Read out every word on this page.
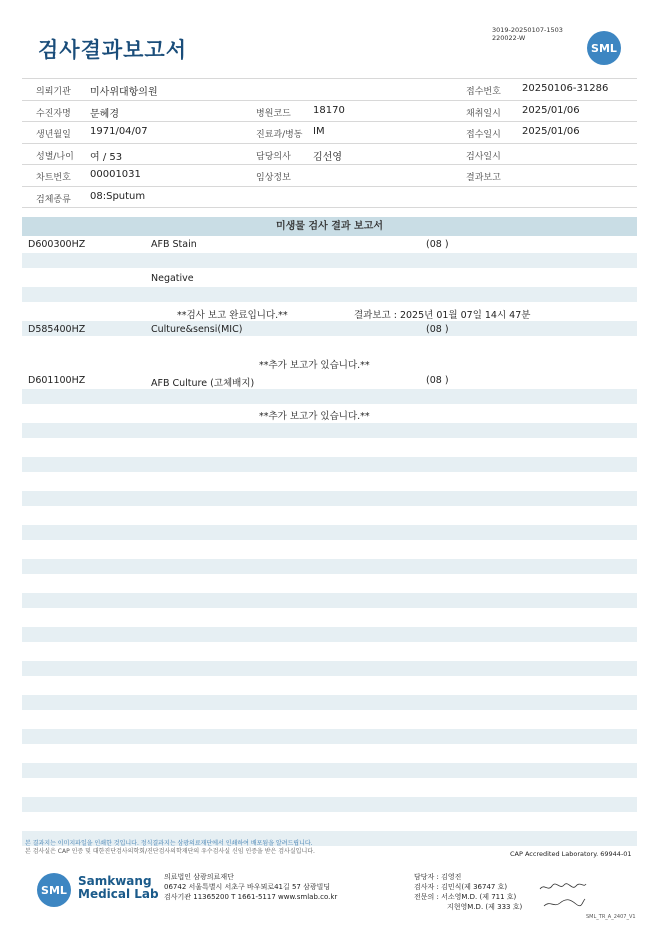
검사결과보고서
3019-20250107-1503
220022-W
SML
의뢰기관 미사위대항의원	접수번호 20250106-31286
수진자명 문혜경	병원코드 18170	채취일시 2025/01/06
생년월일 1971/04/07	진료과/병동 IM	접수일시 2025/01/06
성별/나이 여 / 53	담당의사 김선영	검사일시
차트번호 00001031	임상정보	결과보고
검체종류 08:Sputum
미생물 검사 결과 보고서
D600300HZ	AFB Stain	(08 )
Negative
**검사 보고 완료입니다.**	결과보고 : 2025년 01월 07일 14시 47분
D585400HZ	Culture&sensi(MIC)	(08 )
**추가 보고가 있습니다.**
D601100HZ	AFB Culture (고체배지)	(08 )
**추가 보고가 있습니다.**
본 결과지는 이미지파일을 인쇄한 것입니다. 정식결과지는 삼광의료재단에서 인쇄하여 배포됨을 알려드립니다.
본 검사실은 CAP 인증 및 대한진단검사의학회/진단검사의학재단의 우수검사실 신임 인증을 받은 검사실입니다.	CAP Accredited Laboratory. 69944-01
SML
Samkwang
Medical Lab
의료법인 삼광의료재단
06742 서울특별시 서초구 바우뫼로41길 57 삼광빌딩
검사기관 11365200 T 1661-5117 www.smlab.co.kr
담당자 : 김영진
검사자 : 김민식(제 36747 호)
전문의 : 서소영M.D. (제 711 호)
지현영M.D. (제 333 호)
SML_TR_A_2407_V1
